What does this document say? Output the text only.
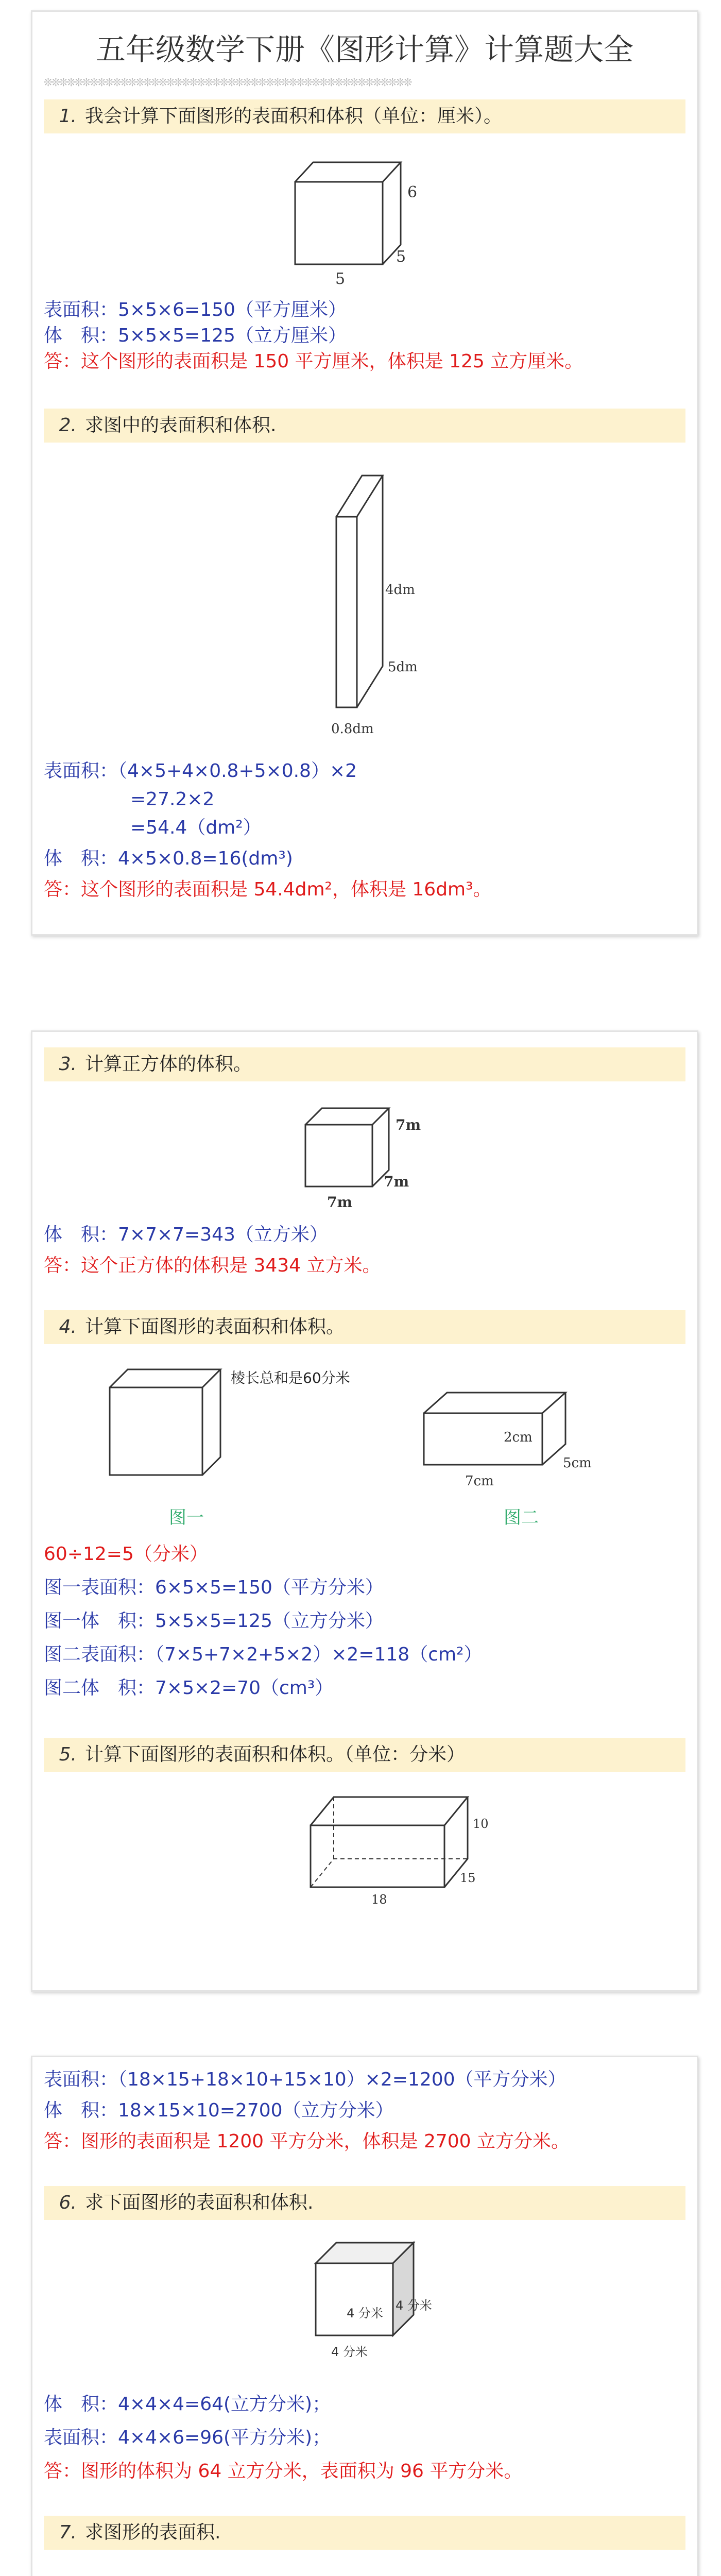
五年级数学下册《图形计算》计算题大全
❊❊❊❊❊❊❊❊❊❊❊❊❊❊❊❊❊❊❊❊❊❊❊❊❊❊❊❊❊❊❊❊❊❊❊❊❊❊❊❊❊❊❊❊❊❊❊❊
1. 我会计算下面图形的表面积和体积（单位：厘米）。
6
5
5
表面积：5×5×6=150（平方厘米）
体　积：5×5×5=125（立方厘米）
答：这个图形的表面积是 150 平方厘米，体积是 125 立方厘米。
2. 求图中的表面积和体积.
4dm
5dm
0.8dm
表面积：（4×5+4×0.8+5×0.8）×2
=27.2×2
=54.4（dm²）
体　积：4×5×0.8=16(dm³)
答：这个图形的表面积是 54.4dm²，体积是 16dm³。
3. 计算正方体的体积。
7m
7m
7m
体　积：7×7×7=343（立方米）
答：这个正方体的体积是 3434 立方米。
4. 计算下面图形的表面积和体积。
棱长总和是60分米
2cm
5cm
7cm
图一	图二
60÷12=5（分米）
图一表面积：6×5×5=150（平方分米）
图一体　积：5×5×5=125（立方分米）
图二表面积：（7×5+7×2+5×2）×2=118（cm²）
图二体　积：7×5×2=70（cm³）
5. 计算下面图形的表面积和体积。（单位：分米）
10
15
18
表面积：（18×15+18×10+15×10）×2=1200（平方分米）
体　积：18×15×10=2700（立方分米）
答：图形的表面积是 1200 平方分米，体积是 2700 立方分米。
6. 求下面图形的表面积和体积.
4 分米
4 分米
4 分米
体　积：4×4×4=64(立方分米)；
表面积：4×4×6=96(平方分米)；
答：图形的体积为 64 立方分米，表面积为 96 平方分米。
7. 求图形的表面积.
